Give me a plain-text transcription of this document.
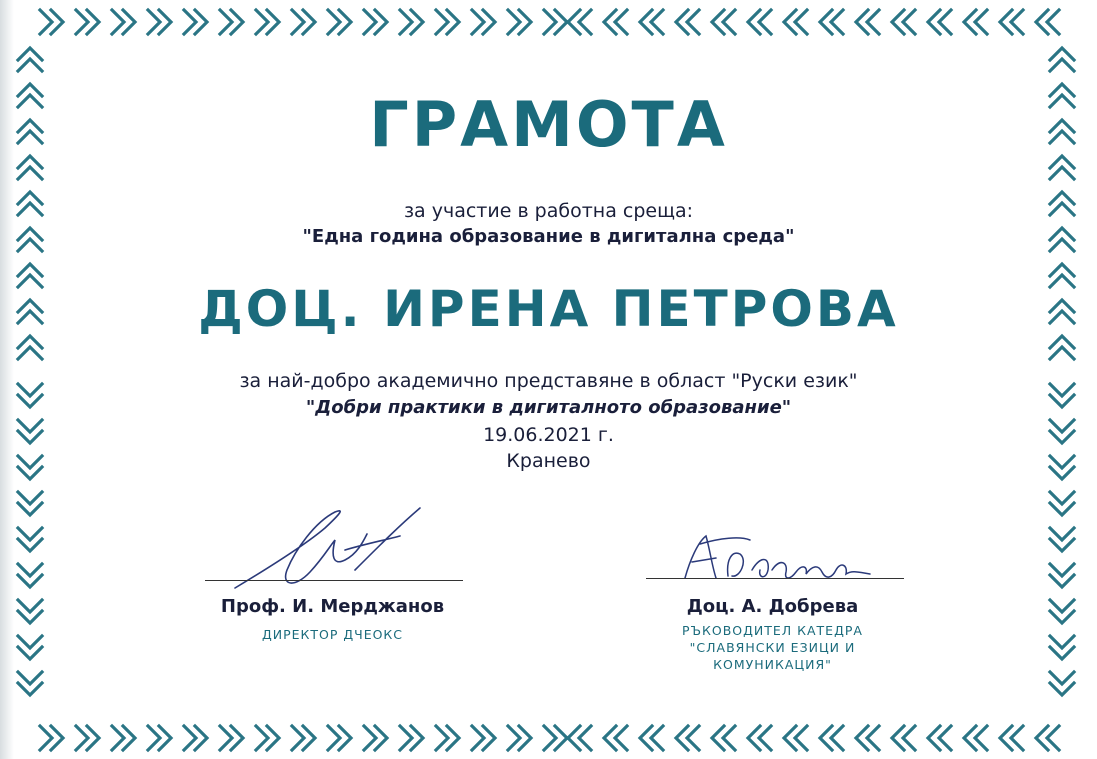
ГРАМОТА

за участие в работна среща:

"Една година образование в дигитална среда"

ДОЦ. ИРЕНА ПЕТРОВА

за най-добро академично представяне в област "Руски език"

"Добри практики в дигиталното образование"

19.06.2021 г.

Кранево

Проф. И. Мерджанов

ДИРЕКТОР ДЧЕОКС

Доц. А. Добрева

РЪКОВОДИТЕЛ КАТЕДРА
"СЛАВЯНСКИ ЕЗИЦИ И
КОМУНИКАЦИЯ"
